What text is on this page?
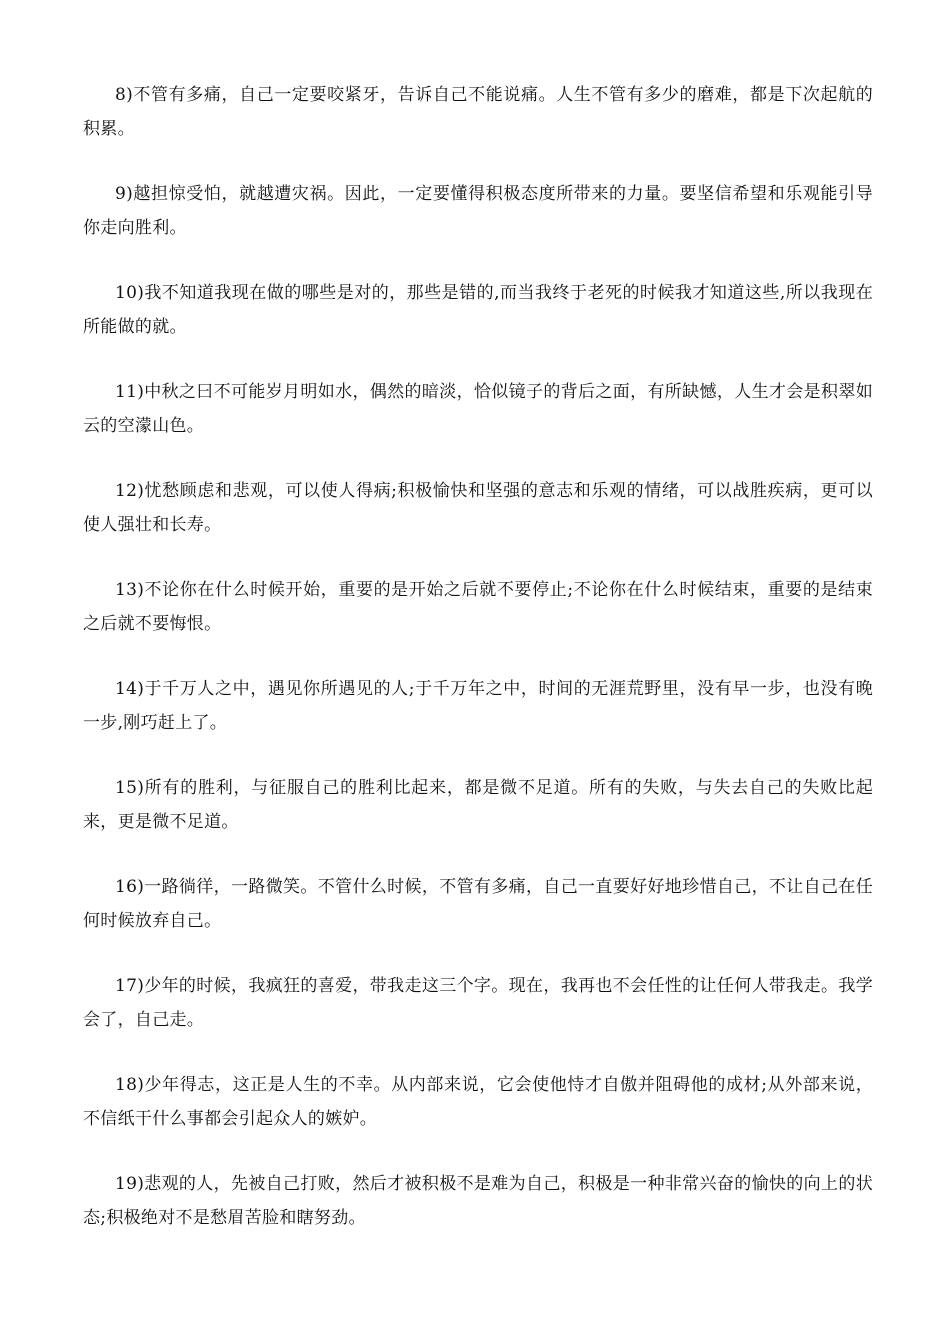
8)不管有多痛，自己一定要咬紧牙，告诉自己不能说痛。人生不管有多少的磨难，都是下次起航的积累。

9)越担惊受怕，就越遭灾祸。因此，一定要懂得积极态度所带来的力量。要坚信希望和乐观能引导你走向胜利。

10)我不知道我现在做的哪些是对的，那些是错的,而当我终于老死的时候我才知道这些,所以我现在所能做的就。

11)中秋之曰不可能岁月明如水，偶然的暗淡，恰似镜子的背后之面，有所缺憾，人生才会是积翠如云的空濛山色。

12)忧愁顾虑和悲观，可以使人得病;积极愉快和坚强的意志和乐观的情绪，可以战胜疾病，更可以使人强壮和长寿。

13)不论你在什么时候开始，重要的是开始之后就不要停止;不论你在什么时候结束，重要的是结束之后就不要悔恨。

14)于千万人之中，遇见你所遇见的人;于千万年之中，时间的无涯荒野里，没有早一步，也没有晚一步,刚巧赶上了。

15)所有的胜利，与征服自己的胜利比起来，都是微不足道。所有的失败，与失去自己的失败比起来，更是微不足道。

16)一路徜徉，一路微笑。不管什么时候，不管有多痛，自己一直要好好地珍惜自己，不让自己在任何时候放弃自己。

17)少年的时候，我疯狂的喜爱，带我走这三个字。现在，我再也不会任性的让任何人带我走。我学会了，自己走。

18)少年得志，这正是人生的不幸。从内部来说，它会使他恃才自傲并阻碍他的成材;从外部来说，不信纸干什么事都会引起众人的嫉妒。

19)悲观的人，先被自己打败，然后才被积极不是难为自己，积极是一种非常兴奋的愉快的向上的状态;积极绝对不是愁眉苦脸和瞎努劲。
